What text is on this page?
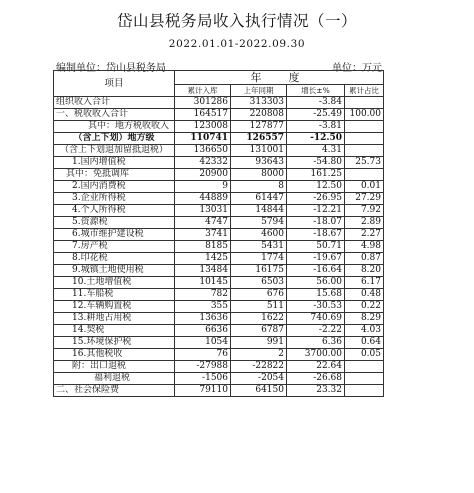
岱山县税务局收入执行情况（一）
2022.01.01-2022.09.30
编制单位：岱山县税务局	单位：万元
项目	年　度			
	累计入库	上年同期	增长±%	累计占比
组织收入合计	301286	313303	-3.84	
一、税收收入合计	164517	220808	-25.49	100.00
其中：地方税收收入	123008	127877	-3.81	
（含上下划）地方级	110741	126557	-12.50	
（含上下划退加留抵退税）	136650	131001	4.31	
1.国内增值税	42332	93643	-54.80	25.73
其中：免抵调库	20900	8000	161.25	
2.国内消费税	9	8	12.50	0.01
3.企业所得税	44889	61447	-26.95	27.29
4.个人所得税	13031	14844	-12.21	7.92
5.资源税	4747	5794	-18.07	2.89
6.城市维护建设税	3741	4600	-18.67	2.27
7.房产税	8185	5431	50.71	4.98
8.印花税	1425	1774	-19.67	0.87
9.城镇土地使用税	13484	16175	-16.64	8.20
10.土地增值税	10145	6503	56.00	6.17
11.车船税	782	676	15.68	0.48
12.车辆购置税	355	511	-30.53	0.22
13.耕地占用税	13636	1622	740.69	8.29
14.契税	6636	6787	-2.22	4.03
15.环境保护税	1054	991	6.36	0.64
16.其他税收	76	2	3700.00	0.05
附：出口退税	-27988	-22822	22.64	
福利退税	-1506	-2054	-26.68	
二、社会保险费	79110	64150	23.32	
